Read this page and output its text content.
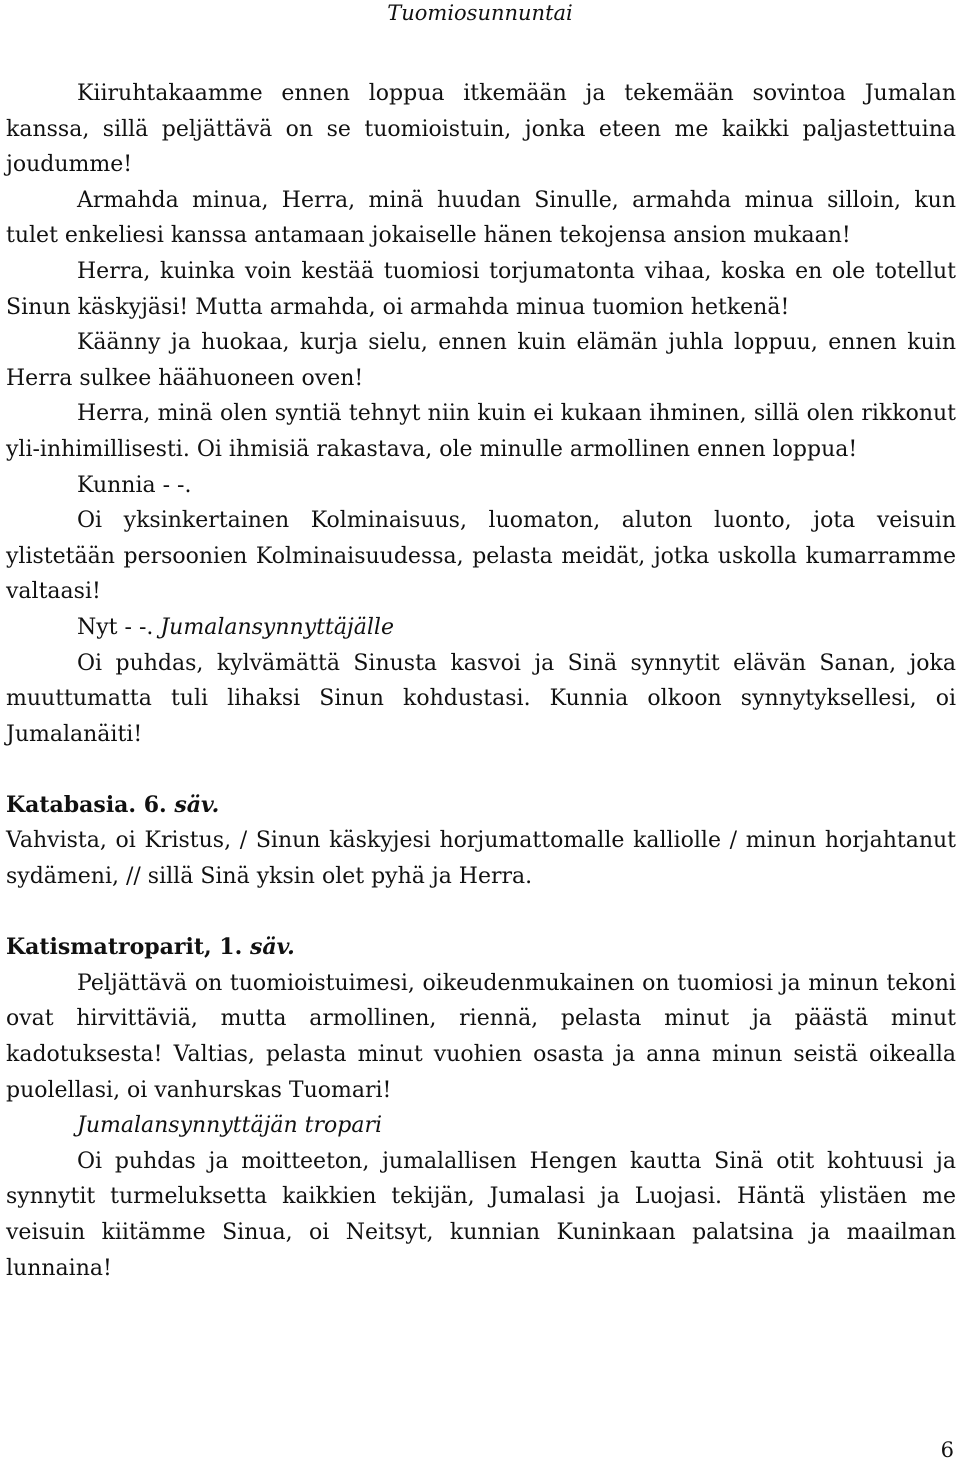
Tuomiosunnuntai

Kiiruhtakaamme ennen loppua itkemään ja tekemään sovintoa Jumalan kanssa, sillä peljättävä on se tuomioistuin, jonka eteen me kaikki paljastettuina joudumme!

Armahda minua, Herra, minä huudan Sinulle, armahda minua silloin, kun tulet enkeliesi kanssa antamaan jokaiselle hänen tekojensa ansion mukaan!

Herra, kuinka voin kestää tuomiosi torjumatonta vihaa, koska en ole totellut Sinun käskyjäsi! Mutta armahda, oi armahda minua tuomion hetkenä!

Käänny ja huokaa, kurja sielu, ennen kuin elämän juhla loppuu, ennen kuin Herra sulkee häähuoneen oven!

Herra, minä olen syntiä tehnyt niin kuin ei kukaan ihminen, sillä olen rikkonut yli-inhimillisesti. Oi ihmisiä rakastava, ole minulle armollinen ennen loppua!

Kunnia - -.

Oi yksinkertainen Kolminaisuus, luomaton, aluton luonto, jota veisuin ylistetään persoonien Kolminaisuudessa, pelasta meidät, jotka uskolla kumarramme valtaasi!

Nyt - -. Jumalansynnyttäjälle

Oi puhdas, kylvämättä Sinusta kasvoi ja Sinä synnytit elävän Sanan, joka muuttumatta tuli lihaksi Sinun kohdustasi. Kunnia olkoon synnytyksellesi, oi Jumalanäiti!

Katabasia. 6. säv.

Vahvista, oi Kristus, / Sinun käskyjesi horjumattomalle kalliolle / minun horjahtanut sydämeni, // sillä Sinä yksin olet pyhä ja Herra.

Katismatroparit, 1. säv.

Peljättävä on tuomioistuimesi, oikeudenmukainen on tuomiosi ja minun tekoni ovat hirvittäviä, mutta armollinen, riennä, pelasta minut ja päästä minut kadotuksesta! Valtias, pelasta minut vuohien osasta ja anna minun seistä oikealla puolellasi, oi vanhurskas Tuomari!

Jumalansynnyttäjän tropari

Oi puhdas ja moitteeton, jumalallisen Hengen kautta Sinä otit kohtuusi ja synnytit turmeluksetta kaikkien tekijän, Jumalasi ja Luojasi. Häntä ylistäen me veisuin kiitämme Sinua, oi Neitsyt, kunnian Kuninkaan palatsina ja maailman lunnaina!

6
